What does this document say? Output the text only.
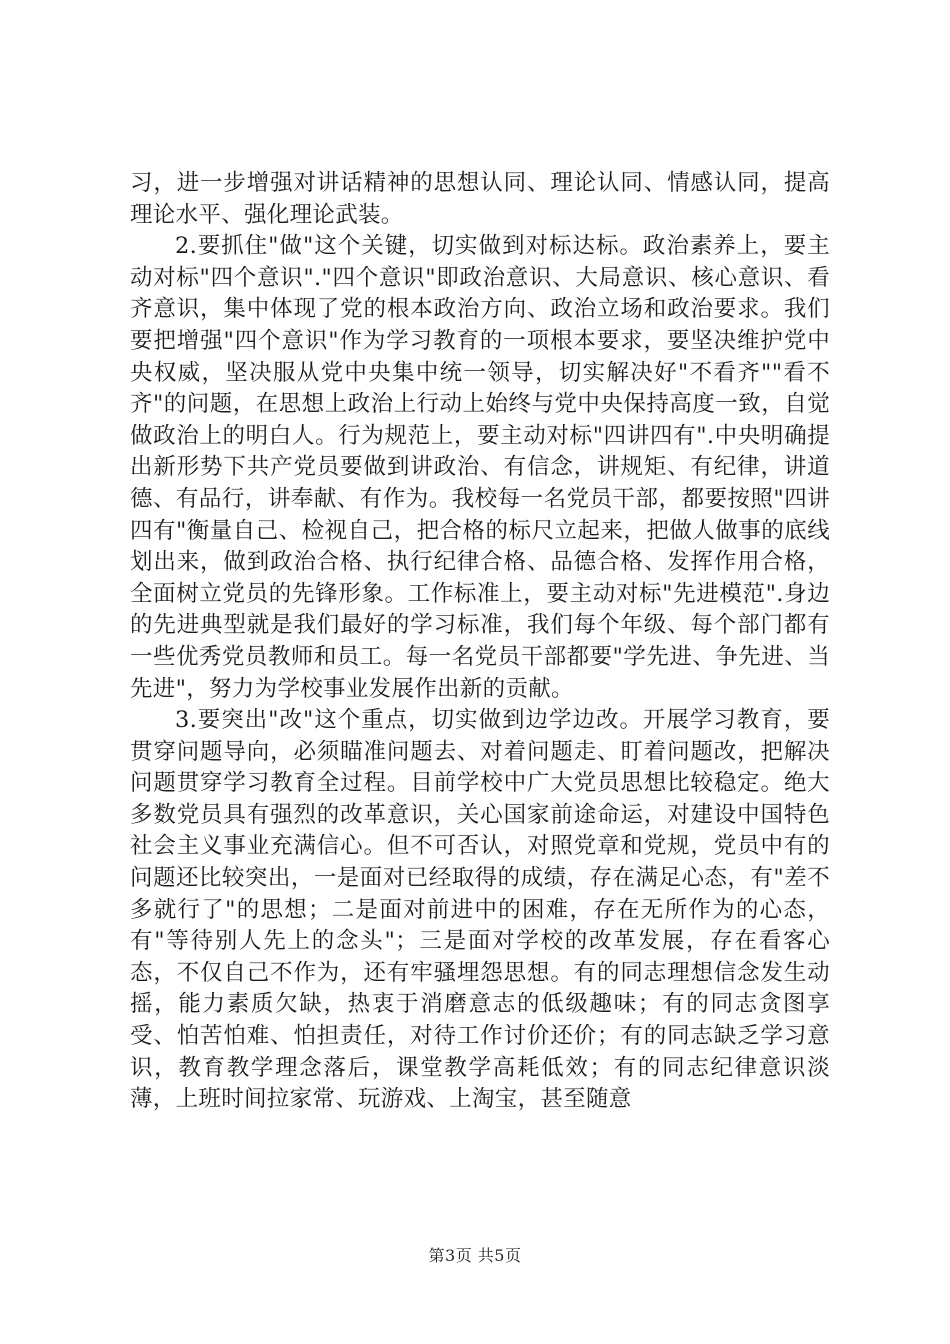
习，进一步增强对讲话精神的思想认同、理论认同、情感认同，提高理论水平、强化理论武装。

2.要抓住"做"这个关键，切实做到对标达标。政治素养上，要主动对标"四个意识"."四个意识"即政治意识、大局意识、核心意识、看齐意识，集中体现了党的根本政治方向、政治立场和政治要求。我们要把增强"四个意识"作为学习教育的一项根本要求，要坚决维护党中央权威，坚决服从党中央集中统一领导，切实解决好"不看齐""看不齐"的问题，在思想上政治上行动上始终与党中央保持高度一致，自觉做政治上的明白人。行为规范上，要主动对标"四讲四有".中央明确提出新形势下共产党员要做到讲政治、有信念，讲规矩、有纪律，讲道德、有品行，讲奉献、有作为。我校每一名党员干部，都要按照"四讲四有"衡量自己、检视自己，把合格的标尺立起来，把做人做事的底线划出来，做到政治合格、执行纪律合格、品德合格、发挥作用合格，全面树立党员的先锋形象。工作标准上，要主动对标"先进模范".身边的先进典型就是我们最好的学习标准，我们每个年级、每个部门都有一些优秀党员教师和员工。每一名党员干部都要"学先进、争先进、当先进"，努力为学校事业发展作出新的贡献。

3.要突出"改"这个重点，切实做到边学边改。开展学习教育，要贯穿问题导向，必须瞄准问题去、对着问题走、盯着问题改，把解决问题贯穿学习教育全过程。目前学校中广大党员思想比较稳定。绝大多数党员具有强烈的改革意识，关心国家前途命运，对建设中国特色社会主义事业充满信心。但不可否认，对照党章和党规，党员中有的问题还比较突出，一是面对已经取得的成绩，存在满足心态，有"差不多就行了"的思想；二是面对前进中的困难，存在无所作为的心态，有"等待别人先上的念头"；三是面对学校的改革发展，存在看客心态，不仅自己不作为，还有牢骚埋怨思想。有的同志理想信念发生动摇，能力素质欠缺，热衷于消磨意志的低级趣味；有的同志贪图享受、怕苦怕难、怕担责任，对待工作讨价还价；有的同志缺乏学习意识，教育教学理念落后，课堂教学高耗低效；有的同志纪律意识淡薄，上班时间拉家常、玩游戏、上淘宝，甚至随意

第3页 共5页
